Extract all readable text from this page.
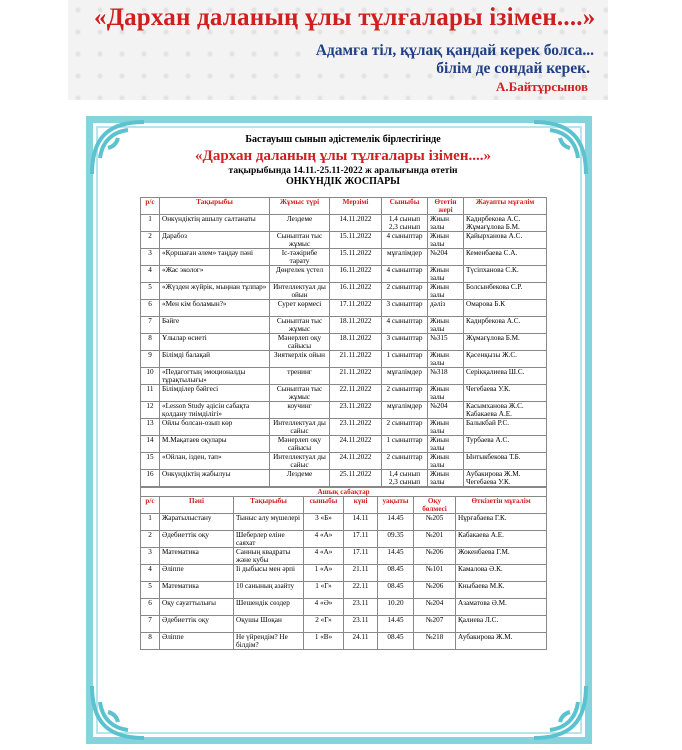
«Дархан даланың ұлы тұлғалары ізімен....»
Адамға тіл, құлақ қандай керек болса...
білім де сондай керек.
А.Байтұрсынов
Бастауыш сынып әдістемелік бірлестігінде
«Дархан даланың ұлы тұлғалары ізімен....»
тақырыбында 14.11.-25.11-2022 ж аралығында өтетін
ОНКҮНДІК ЖОСПАРЫ
р/с	Тақырыбы	Жұмыс түрі	Мерзімі	Сыныбы	Өтетін жері	Жауапты мұғалім
1	Онкүндіктің ашылу салтанаты	Лездеме	14.11.2022	1,4 сынып 2,3 сынып	Жиын залы	Кадирбекова А.С. Жұмағұлова Б.М.
2	Дарабоз	Сыныптан тыс жұмыс	15.11.2022	4 сыныптар	Жиын залы	Қайырханова А.С.
3	«Қоршаған әлем» таңдау пәні	Іс-тәжірибе тарату	15.11.2022	мұғалімдер	№204	Кеменбаева С.А.
4	«Жас эколог»	Дөңгелек үстел	16.11.2022	4 сыныптар	Жиын залы	Түсіпханова С.К.
5	«Жүзден жүйрік, мыңнан тұлпар»	Интеллектуал ды ойын	16.11.2022	2 сыныптар	Жиын залы	Болсынбекова С.Р.
6	«Мен кім боламын?»	Сурет көрмесі	17.11.2022	3 сыныптар	дәліз	Омарова Б.К
7	Бәйге	Сыныптан тыс жұмыс	18.11.2022	4 сыныптар	Жиын залы	Кадирбекова А.С.
8	Ұлылар өсиеті	Мәнерлеп оқу сайысы	18.11.2022	3 сыныптар	№315	Жұмағұлова Б.М.
9	Білімді балақай	Зияткерлік ойын	21.11.2022	1 сыныптар	Жиын залы	Қасенқызы Ж.С.
10	«Педагогтың эмоционалды тұрақтылығы»	тренинг	21.11.2022	мұғалімдер	№318	Серікқалиева Ш.С.
11	Білімділер бәйгесі	Сыныптан тыс жұмыс	22.11.2022	2 сыныптар	Жиын залы	Чегебаева У.К.
12	«Lesson Study әдісін сабақта қолдану тиімділігі»	коучинг	23.11.2022	мұғалімдер	№204	Касымханова Ж.С. Кабакаева А.Е.
13	Ойлы болсан-озып көр	Интеллектуал ды сайыс	23.11.2022	2 сыныптар	Жиын залы	Балыкбай Р.С.
14	М.Мақатаев оқулары	Мәнерлеп оқу сайысы	24.11.2022	1 сыныптар	Жиын залы	Турбаева А.С.
15	«Ойлан, ізден, тап»	Интеллектуал ды сайыс	24.11.2022	2 сыныптар	Жиын залы	Ынтыкбекова Т.Б.
16	Онкүндіктің жабылуы	Лездеме	25.11.2022	1,4 сынып 2,3 сынып	Жиын залы	Аубакирова Ж.М. Чегебаева У.К.
Ашық сабақтар							
р/с	Пәні	Тақырыбы	сыныбы	күні	уақыты	Оқу бөлмесі	Өткізетін мұғалім
1	Жаратылыстану	Тыныс алу мүшелері	3 «Б»	14.11	14.45	№205	Нұрғабаева Г.К.
2	Әдебиеттік оқу	Шеберлер еліне саяхат	4 «А»	17.11	09.35	№201	Кабакаева А.Е.
3	Математика	Санның квадраты және кубы	4 «А»	17.11	14.45	№206	Жокенбаева Г.М.
4	Әліппе	Ii дыбысы мен әрпі	1 «А»	21.11	08.45	№101	Камалова Ә.К.
5	Математика	10 санының азайту	1 «Г»	22.11	08.45	№206	Кныбаева М.К.
6	Оқу сауаттылығы	Шешендік сөздер	4 «Ә»	23.11	10.20	№204	Азаматова Ә.М.
7	Әдебиеттік оқу	Оқушы Шоқан	2 «Г»	23.11	14.45	№207	Қалиева Л.С.
8	Әліппе	Не үйрендім? Не білдім?	1 «В»	24.11	08.45	№218	Аубакирова Ж.М.
